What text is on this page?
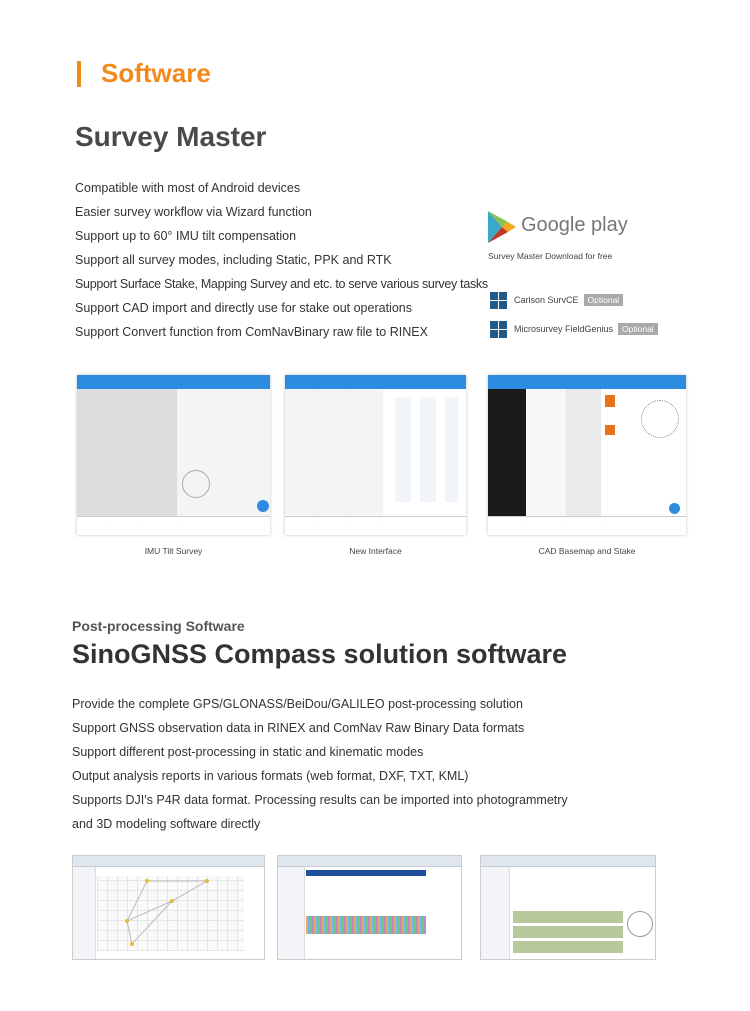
Software
Survey Master
Compatible with most of Android devices
Easier survey workflow via Wizard function
Support up to 60° IMU tilt compensation
Support all survey modes, including Static, PPK and RTK
Support Surface Stake, Mapping Survey and etc. to serve various survey tasks
Support CAD import and directly use for stake out operations
Support Convert function from ComNavBinary raw file to RINEX
Google play
Survey Master Download for free
Carlson SurvCE Optional
Microsurvey FieldGenius Optional
IMU Tilt Survey	New Interface	CAD Basemap and Stake
Post-processing Software
SinoGNSS Compass solution software
Provide the complete GPS/GLONASS/BeiDou/GALILEO post-processing solution
Support GNSS observation data in RINEX and ComNav Raw Binary Data formats
Support different post-processing in static and kinematic modes
Output analysis reports in various formats (web format, DXF, TXT, KML)
Supports DJI's P4R data format. Processing results can be imported into photogrammetry
and 3D modeling software directly
